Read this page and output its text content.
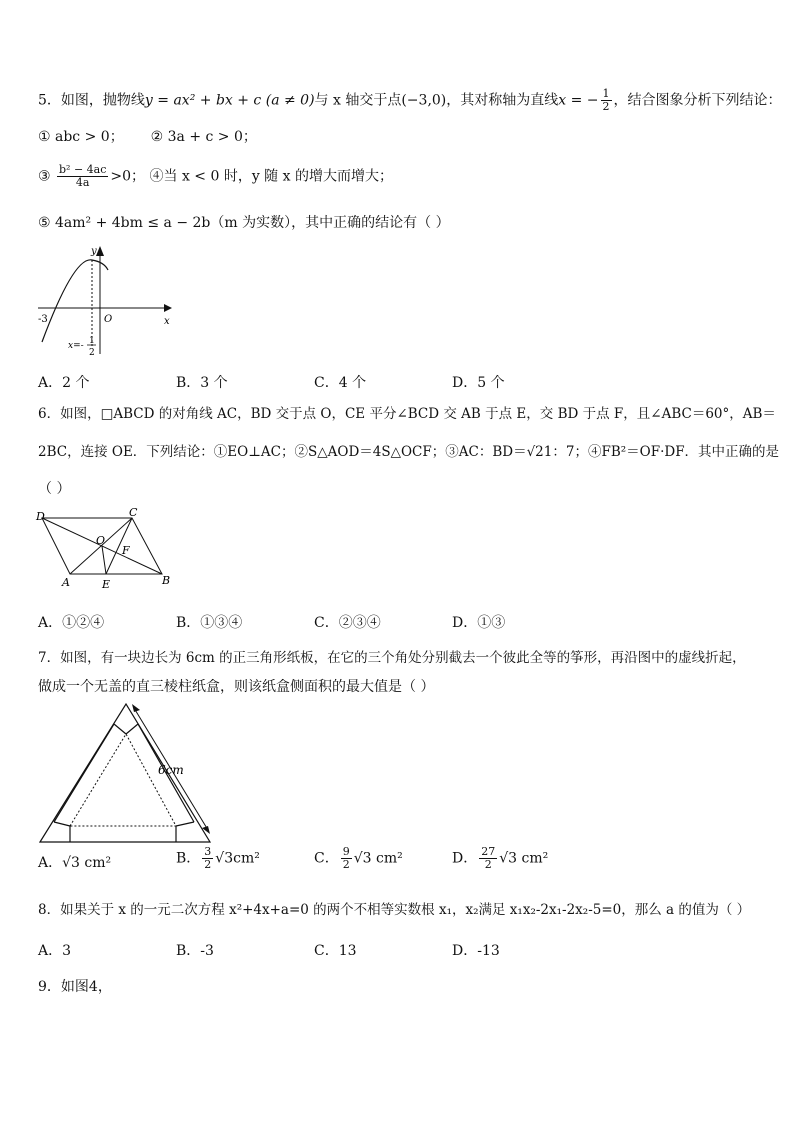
5．如图，抛物线y = ax² + bx + c (a ≠ 0)与 x 轴交于点(−3,0)，其对称轴为直线x = − $\frac{1}{2}$ ，结合图象分析下列结论：
① abc > 0； ② 3a + c > 0；
③ $\frac{\text{b² − 4ac}}{4a} >0$； ④当 x < 0 时，y 随 x 的增大而增大；
⑤ 4am² + 4bm ≤ a − 2b（m 为实数），其中正确的结论有（ ）
-3	O	x
y
x=- 1
2
A．2 个	B．3 个	C．4 个	D．5 个
6．如图，□ABCD 的对角线 AC，BD 交于点 O，CE 平分∠BCD 交 AB 于点 E，交 BD 于点 F，且∠ABC＝60°，AB＝
2BC，连接 OE．下列结论：①EO⊥AC；②S△AOD＝4S△OCF；③AC：BD＝√21：7；④FB²＝OF·DF．其中正确的是
（ ）
D	C
O
F
A	E	B
A．①②④	B．①③④	C．②③④	D．①③
7．如图，有一块边长为 6cm 的正三角形纸板，在它的三个角处分别截去一个彼此全等的筝形，再沿图中的虚线折起，
做成一个无盖的直三棱柱纸盒，则该纸盒侧面积的最大值是（ ）
6cm
A．√3 cm²	B． $\frac{3}{2} √3cm^2$	C． $\frac{9}{2} √3$ cm²	D． $\frac{27}{2} √3$ cm²
8．如果关于 x 的一元二次方程 x²+4x+a=0 的两个不相等实数根 x₁，x₂满足 x₁x₂-2x₁-2x₂-5=0，那么 a 的值为（ ）
A．3	B．-3	C．13	D．-13
9．如图4，
